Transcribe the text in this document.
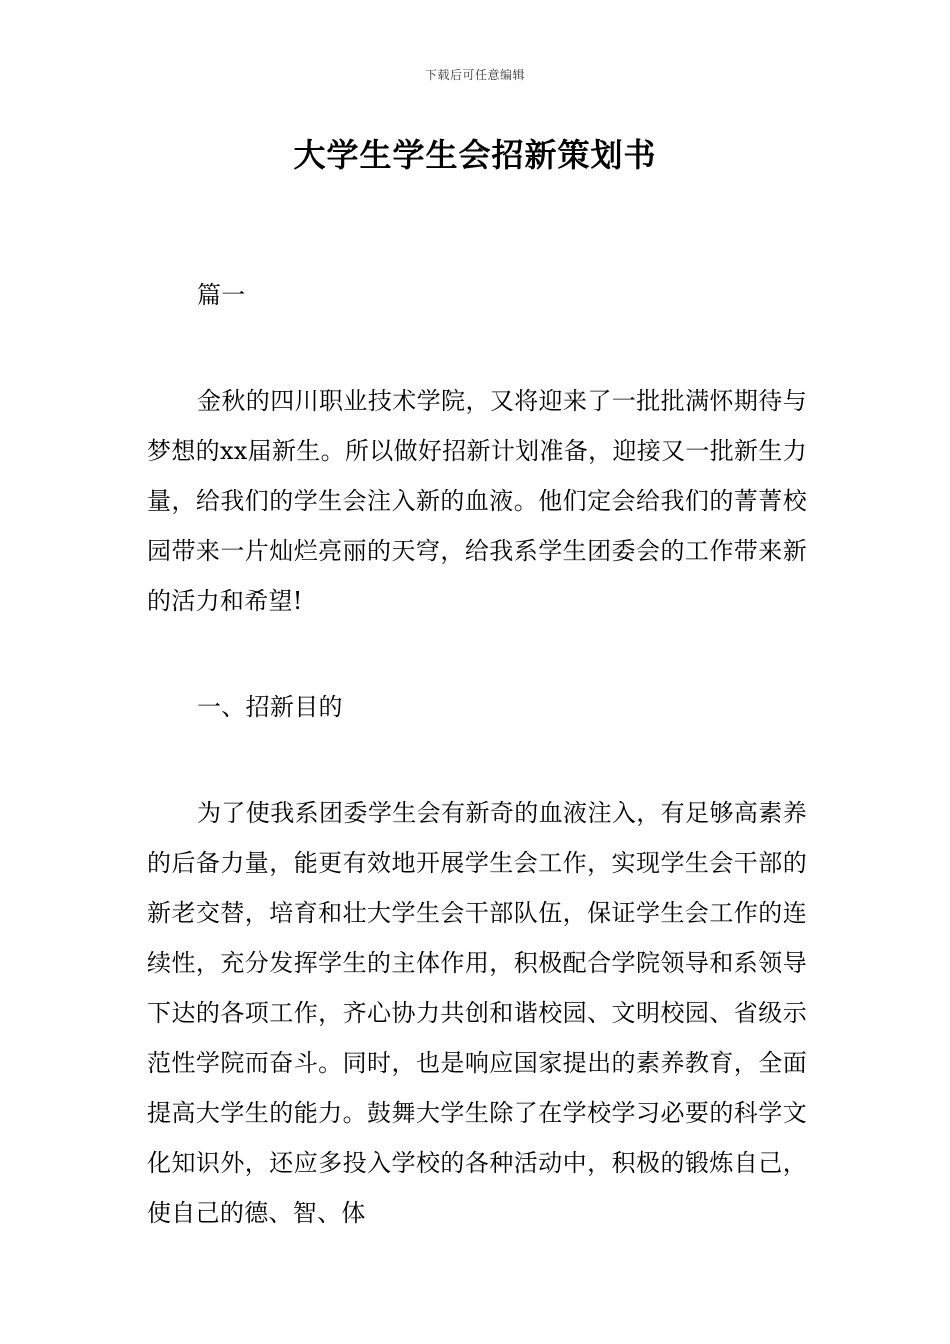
下载后可任意编辑
大学生学生会招新策划书

篇一

金秋的四川职业技术学院，又将迎来了一批批满怀期待与梦想的xx届新生。所以做好招新计划准备，迎接又一批新生力量，给我们的学生会注入新的血液。他们定会给我们的菁菁校园带来一片灿烂亮丽的天穹，给我系学生团委会的工作带来新的活力和希望!

一、招新目的

为了使我系团委学生会有新奇的血液注入，有足够高素养的后备力量，能更有效地开展学生会工作，实现学生会干部的新老交替，培育和壮大学生会干部队伍，保证学生会工作的连续性，充分发挥学生的主体作用，积极配合学院领导和系领导下达的各项工作，齐心协力共创和谐校园、文明校园、省级示范性学院而奋斗。同时，也是响应国家提出的素养教育，全面提高大学生的能力。鼓舞大学生除了在学校学习必要的科学文化知识外，还应多投入学校的各种活动中，积极的锻炼自己，使自己的德、智、体
